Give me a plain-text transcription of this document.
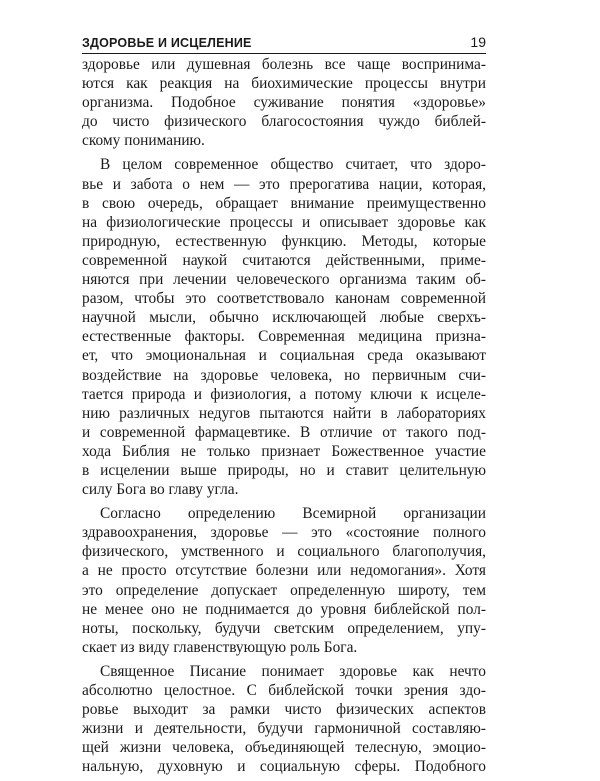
ЗДОРОВЬЕ И ИСЦЕЛЕНИЕ	19
здоровье или душевная болезнь все чаще воспринима-
ются как реакция на биохимические процессы внутри
организма. Подобное суживание понятия «здоровье»
до чисто физического благосостояния чуждо библей-
скому пониманию.
В целом современное общество считает, что здоро-
вье и забота о нем — это прерогатива нации, которая,
в свою очередь, обращает внимание преимущественно
на физиологические процессы и описывает здоровье как
природную, естественную функцию. Методы, которые
современной наукой считаются действенными, приме-
няются при лечении человеческого организма таким об-
разом, чтобы это соответствовало канонам современной
научной мысли, обычно исключающей любые сверхъ-
естественные факторы. Современная медицина призна-
ет, что эмоциональная и социальная среда оказывают
воздействие на здоровье человека, но первичным счи-
тается природа и физиология, а потому ключи к исцеле-
нию различных недугов пытаются найти в лабораториях
и современной фармацевтике. В отличие от такого под-
хода Библия не только признает Божественное участие
в исцелении выше природы, но и ставит целительную
силу Бога во главу угла.
Согласно определению Всемирной организации
здравоохранения, здоровье — это «состояние полного
физического, умственного и социального благополучия,
а не просто отсутствие болезни или недомогания». Хотя
это определение допускает определенную широту, тем
не менее оно не поднимается до уровня библейской пол-
ноты, поскольку, будучи светским определением, упу-
скает из виду главенствующую роль Бога.
Священное Писание понимает здоровье как нечто
абсолютно целостное. С библейской точки зрения здо-
ровье выходит за рамки чисто физических аспектов
жизни и деятельности, будучи гармоничной составляю-
щей жизни человека, объединяющей телесную, эмоцио-
нальную, духовную и социальную сферы. Подобного
